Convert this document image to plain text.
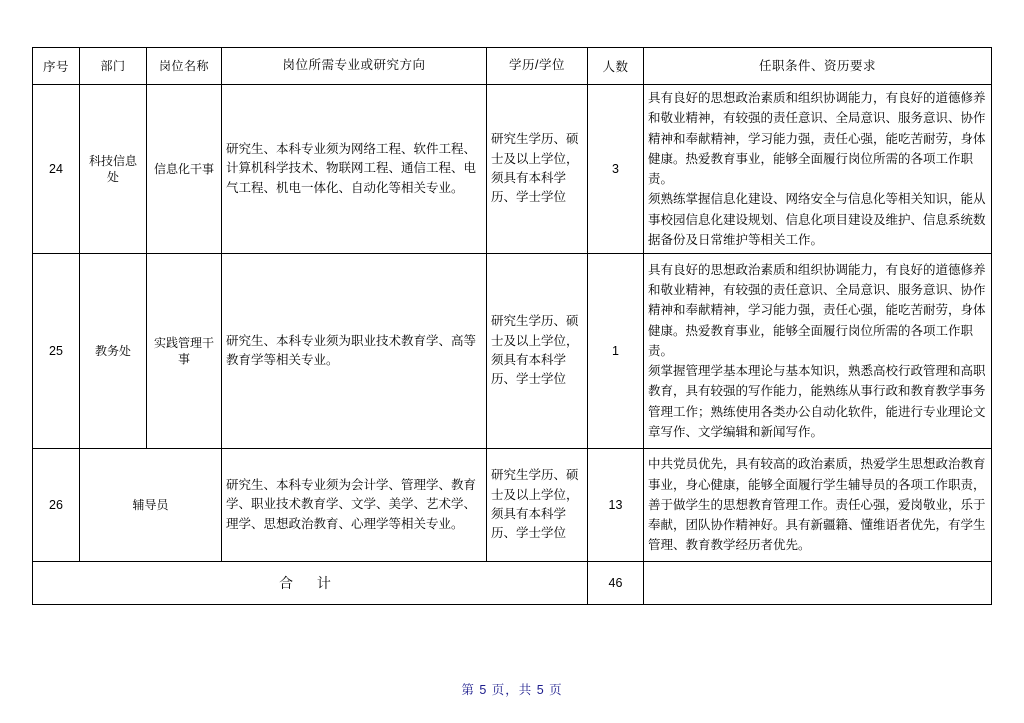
序号	部门	岗位名称	岗位所需专业或研究方向	学历/学位	人数	任职条件、资历要求
24	科技信息处	信息化干事	研究生、本科专业须为网络工程、软件工程、计算机科学技术、物联网工程、通信工程、电气工程、机电一体化、自动化等相关专业。	研究生学历、硕士及以上学位，须具有本科学历、学士学位	3	具有良好的思想政治素质和组织协调能力，有良好的道德修养和敬业精神，有较强的责任意识、全局意识、服务意识、协作精神和奉献精神，学习能力强，责任心强，能吃苦耐劳，身体健康。热爱教育事业，能够全面履行岗位所需的各项工作职责。

须熟练掌握信息化建设、网络安全与信息化等相关知识，能从事校园信息化建设规划、信息化项目建设及维护、信息系统数据备份及日常维护等相关工作。

25	教务处	实践管理干事	研究生、本科专业须为职业技术教育学、高等教育学等相关专业。	研究生学历、硕士及以上学位，须具有本科学历、学士学位	1	具有良好的思想政治素质和组织协调能力，有良好的道德修养和敬业精神，有较强的责任意识、全局意识、服务意识、协作精神和奉献精神，学习能力强，责任心强，能吃苦耐劳，身体健康。热爱教育事业，能够全面履行岗位所需的各项工作职责。

须掌握管理学基本理论与基本知识，熟悉高校行政管理和高职教育，具有较强的写作能力，能熟练从事行政和教育教学事务管理工作；熟练使用各类办公自动化软件，能进行专业理论文章写作、文学编辑和新闻写作。

26	辅导员		研究生、本科专业须为会计学、管理学、教育学、职业技术教育学、文学、美学、艺术学、理学、思想政治教育、心理学等相关专业。	研究生学历、硕士及以上学位，须具有本科学历、学士学位	13	中共党员优先，具有较高的政治素质，热爱学生思想政治教育事业，身心健康，能够全面履行学生辅导员的各项工作职责，善于做学生的思想教育管理工作。责任心强，爱岗敬业，乐于奉献，团队协作精神好。具有新疆籍、懂维语者优先，有学生管理、教育教学经历者优先。

合 计					46	
第 5 页，共 5 页
